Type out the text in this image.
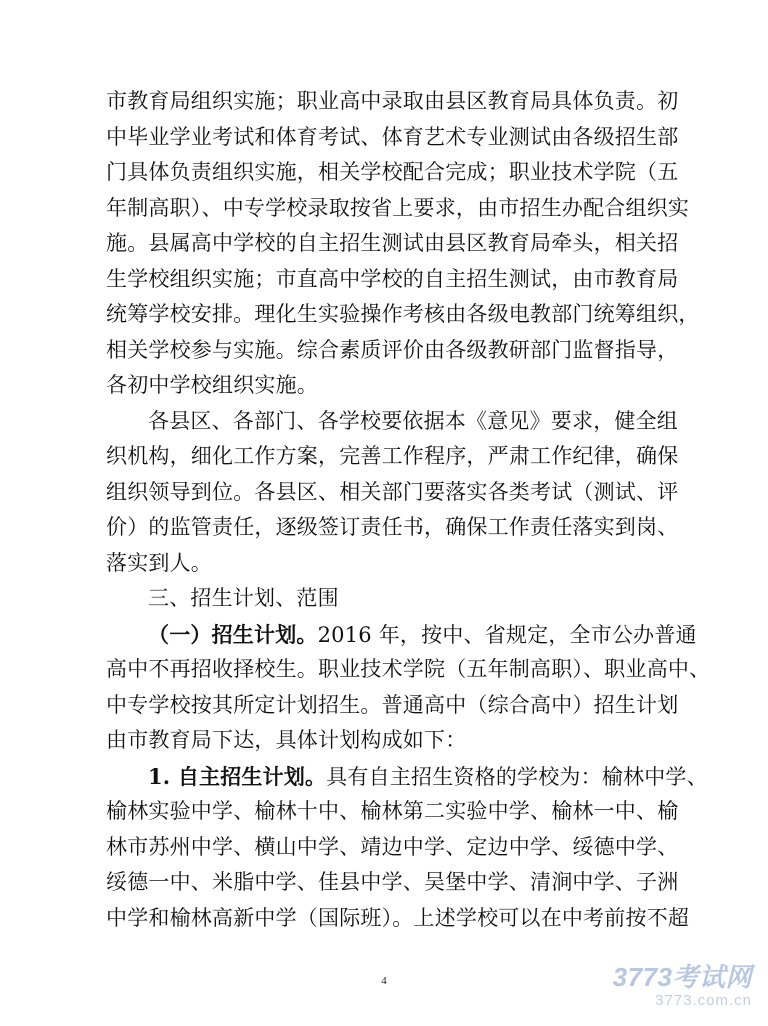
市教育局组织实施；职业高中录取由县区教育局具体负责。初
中毕业学业考试和体育考试、体育艺术专业测试由各级招生部
门具体负责组织实施，相关学校配合完成；职业技术学院（五
年制高职）、中专学校录取按省上要求，由市招生办配合组织实
施。县属高中学校的自主招生测试由县区教育局牵头，相关招
生学校组织实施；市直高中学校的自主招生测试，由市教育局
统筹学校安排。理化生实验操作考核由各级电教部门统筹组织，
相关学校参与实施。综合素质评价由各级教研部门监督指导，
各初中学校组织实施。
各县区、各部门、各学校要依据本《意见》要求，健全组
织机构，细化工作方案，完善工作程序，严肃工作纪律，确保
组织领导到位。各县区、相关部门要落实各类考试（测试、评
价）的监管责任，逐级签订责任书，确保工作责任落实到岗、
落实到人。
三、招生计划、范围
（一）招生计划。2016 年，按中、省规定，全市公办普通
高中不再招收择校生。职业技术学院（五年制高职）、职业高中、
中专学校按其所定计划招生。普通高中（综合高中）招生计划
由市教育局下达，具体计划构成如下：
1. 自主招生计划。具有自主招生资格的学校为：榆林中学、
榆林实验中学、榆林十中、榆林第二实验中学、榆林一中、榆
林市苏州中学、横山中学、靖边中学、定边中学、绥德中学、
绥德一中、米脂中学、佳县中学、吴堡中学、清涧中学、子洲
中学和榆林高新中学（国际班）。上述学校可以在中考前按不超
4	3773考试网
3773.com.cn
